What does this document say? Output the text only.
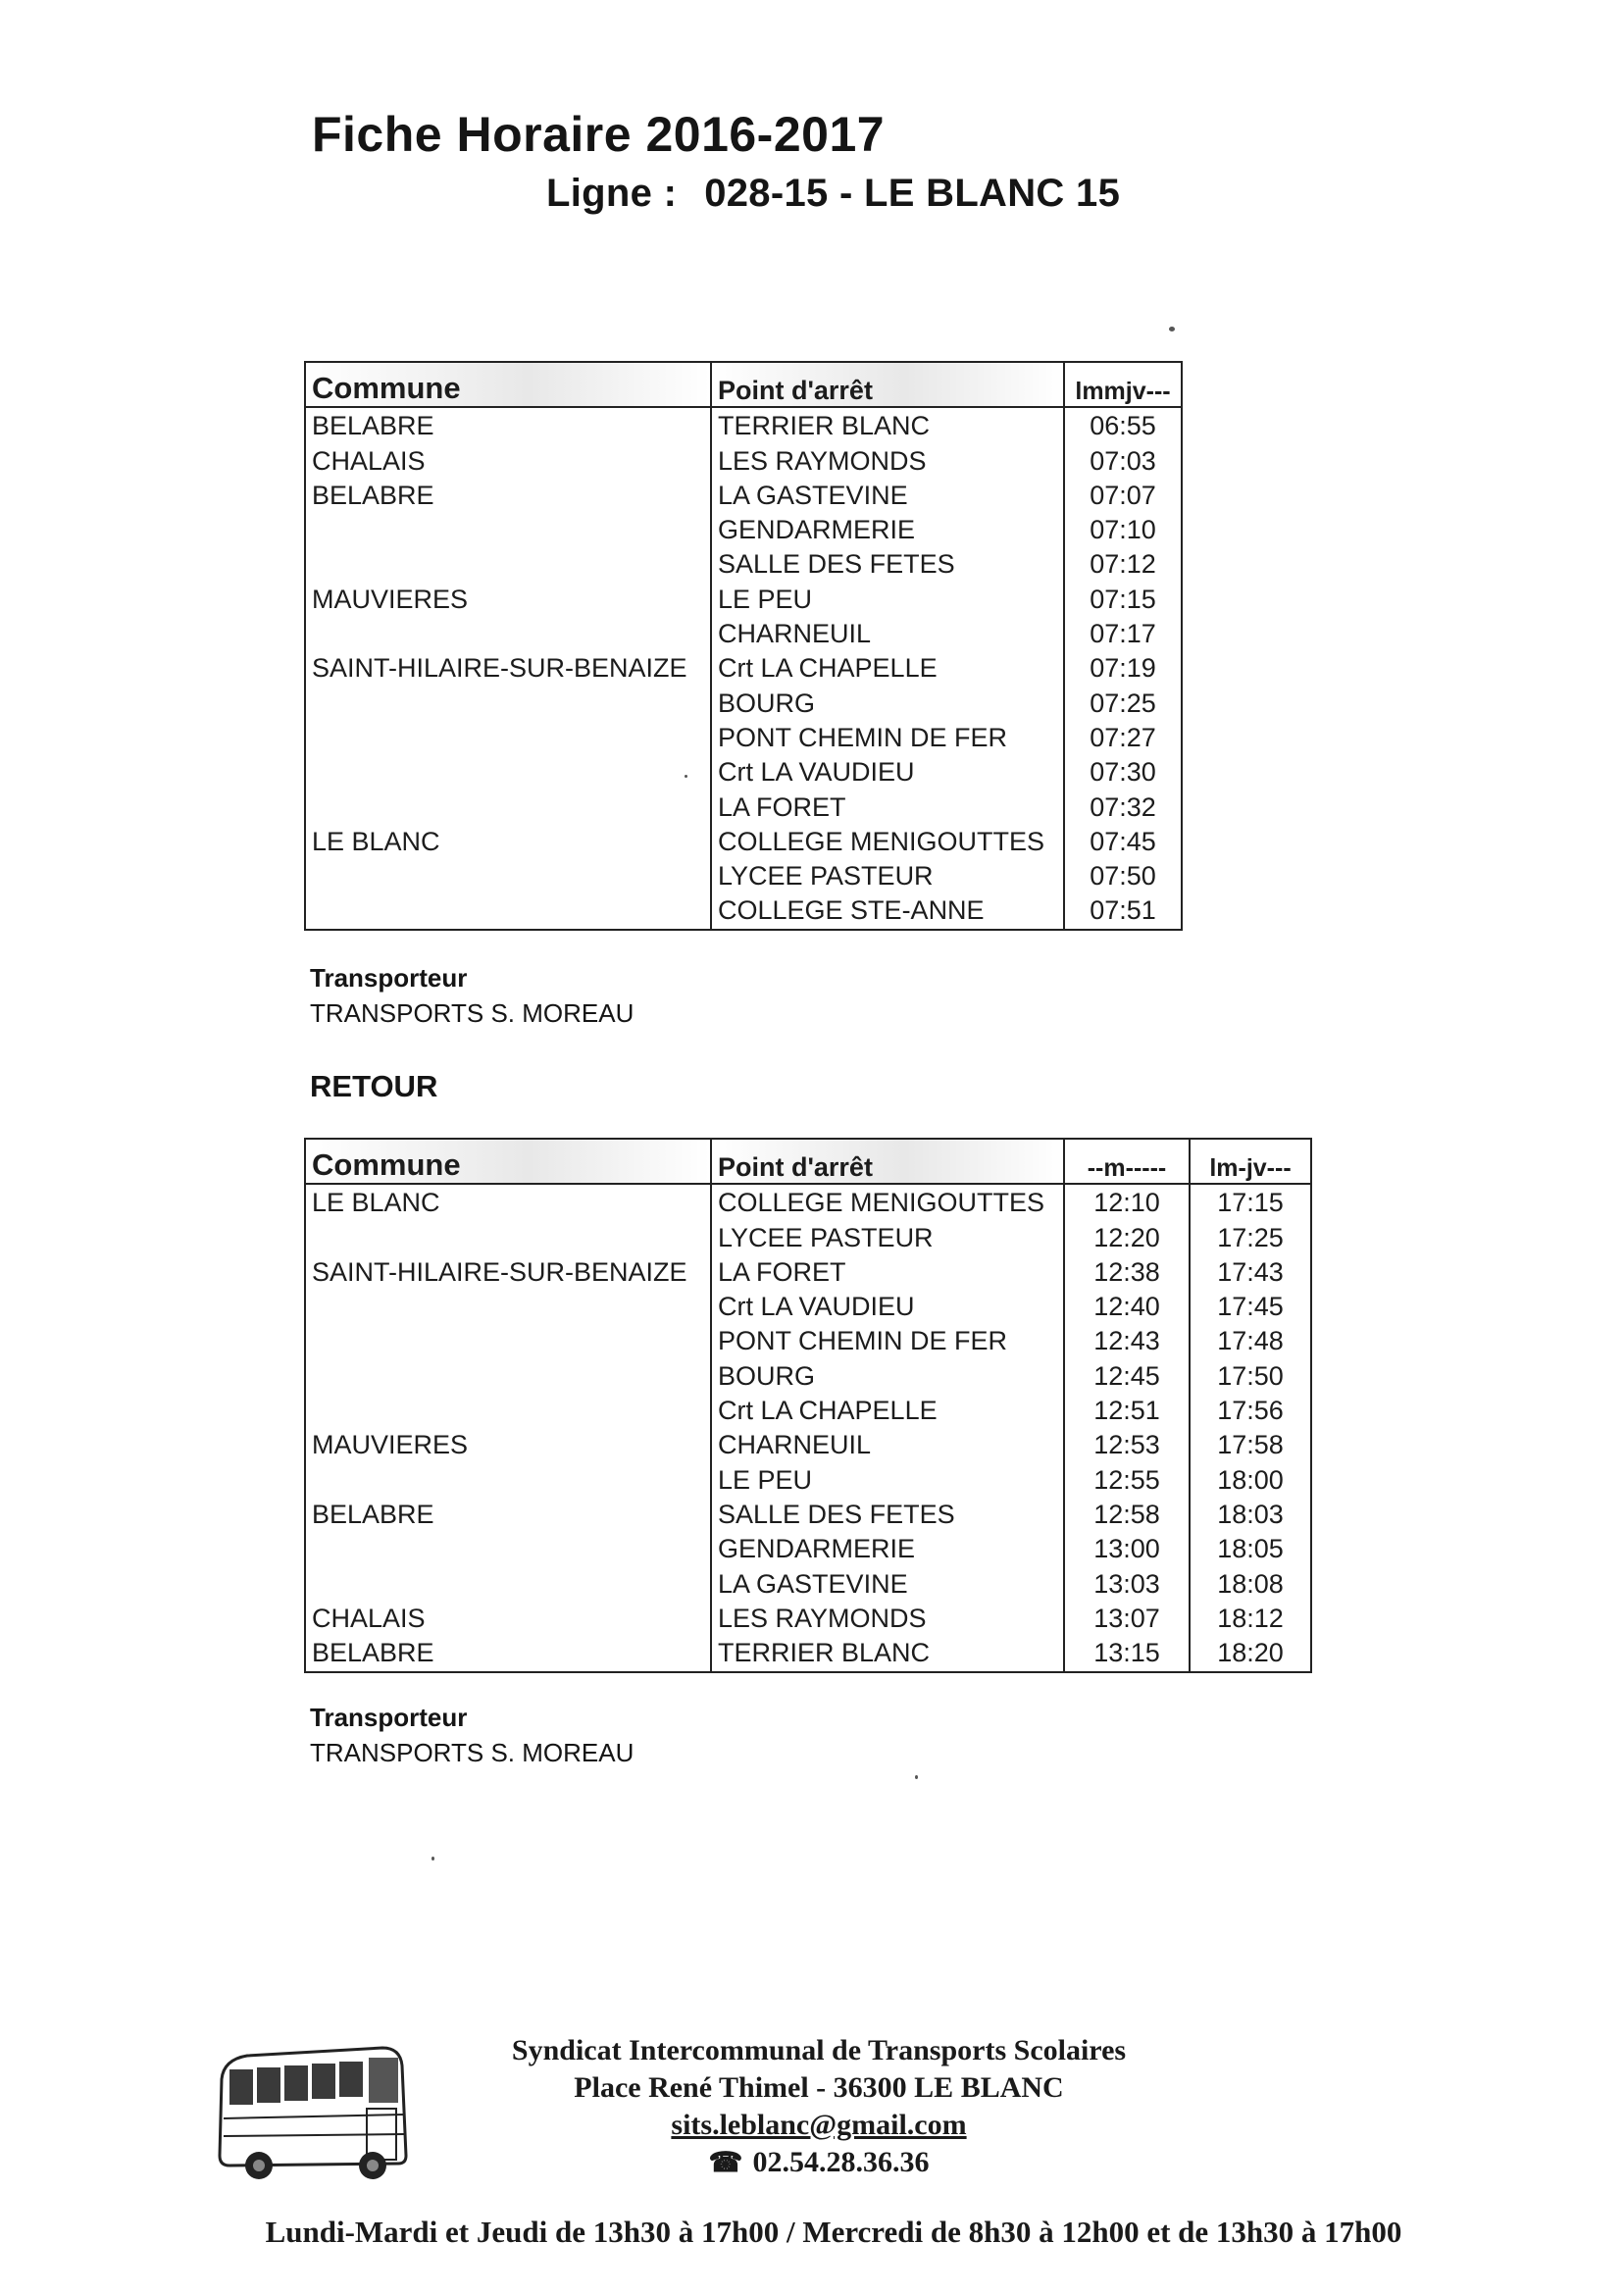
Fiche Horaire 2016-2017
Ligne : 028-15 - LE BLANC 15
Commune	Point d'arrêt	lmmjv---
BELABRE	TERRIER BLANC	06:55
CHALAIS	LES RAYMONDS	07:03
BELABRE	LA GASTEVINE	07:07
	GENDARMERIE	07:10
	SALLE DES FETES	07:12
MAUVIERES	LE PEU	07:15
	CHARNEUIL	07:17
SAINT-HILAIRE-SUR-BENAIZE	Crt LA CHAPELLE	07:19
	BOURG	07:25
	PONT CHEMIN DE FER	07:27
	Crt LA VAUDIEU	07:30
	LA FORET	07:32
LE BLANC	COLLEGE MENIGOUTTES	07:45
	LYCEE PASTEUR	07:50
	COLLEGE STE-ANNE	07:51
Transporteur
TRANSPORTS S. MOREAU
RETOUR
Commune	Point d'arrêt	--m-----	lm-jv---
LE BLANC	COLLEGE MENIGOUTTES	12:10	17:15
	LYCEE PASTEUR	12:20	17:25
SAINT-HILAIRE-SUR-BENAIZE	LA FORET	12:38	17:43
	Crt LA VAUDIEU	12:40	17:45
	PONT CHEMIN DE FER	12:43	17:48
	BOURG	12:45	17:50
	Crt LA CHAPELLE	12:51	17:56
MAUVIERES	CHARNEUIL	12:53	17:58
	LE PEU	12:55	18:00
BELABRE	SALLE DES FETES	12:58	18:03
	GENDARMERIE	13:00	18:05
	LA GASTEVINE	13:03	18:08
CHALAIS	LES RAYMONDS	13:07	18:12
BELABRE	TERRIER BLANC	13:15	18:20
Transporteur
TRANSPORTS S. MOREAU
Syndicat Intercommunal de Transports Scolaires
Place René Thimel - 36300 LE BLANC
sits.leblanc@gmail.com
☎ 02.54.28.36.36
Lundi-Mardi et Jeudi de 13h30 à 17h00 / Mercredi de 8h30 à 12h00 et de 13h30 à 17h00
